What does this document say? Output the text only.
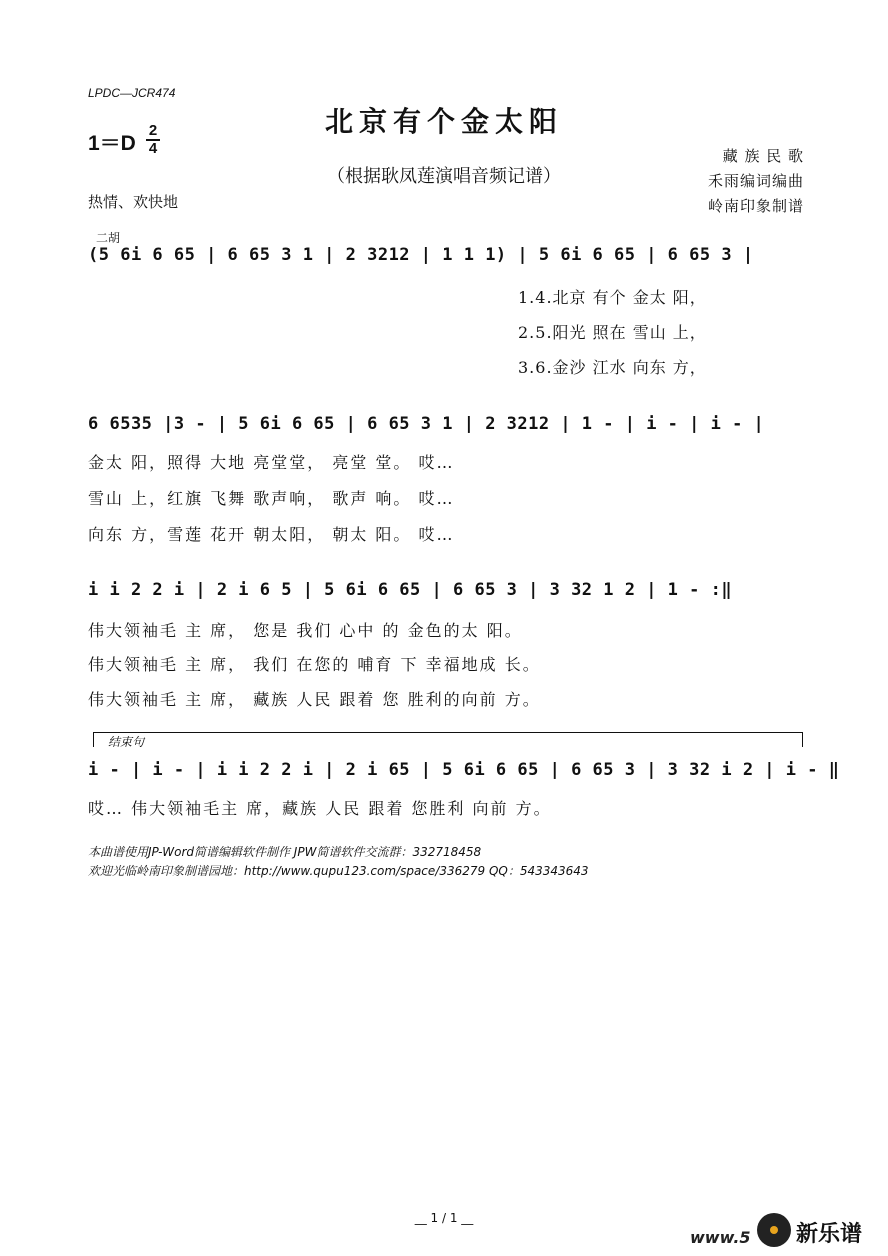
LPDC—JCR474
北京有个金太阳
1＝D
2
4
（根据耿凤莲演唱音频记谱）
藏 族 民 歌
禾雨编词编曲
岭南印象制谱
热情、欢快地
二胡
(5 6i 6 65 | 6 65 3 1 | 2 3212 | 1 1 1) | 5 6i 6 65 | 6 65 3 |
1.4.北京 有个 金太 阳，
2.5.阳光 照在 雪山 上，
3.6.金沙 江水 向东 方，
6 6535 |3 - | 5 6i 6 65 | 6 65 3 1 | 2 3212 | 1 - | i - | i - |
金太 阳，照得 大地 亮堂堂， 亮堂 堂。 哎…
雪山 上，红旗 飞舞 歌声响， 歌声 响。 哎…
向东 方，雪莲 花开 朝太阳， 朝太 阳。 哎…
i i 2 2 i | 2 i 6 5 | 5 6i 6 65 | 6 65 3 | 3 32 1 2 | 1 - :‖
伟大领袖毛 主 席， 您是 我们 心中 的 金色的太 阳。
伟大领袖毛 主 席， 我们 在您的 哺育 下 幸福地成 长。
伟大领袖毛 主 席， 藏族 人民 跟着 您 胜利的向前 方。
结束句
i - | i - | i i 2 2 i | 2 i 65 | 5 6i 6 65 | 6 65 3 | 3 32 i 2 | i - ‖
哎… 伟大领袖毛主 席，藏族 人民 跟着 您胜利 向前 方。
本曲谱使用JP-Word简谱编辑软件制作 JPW简谱软件交流群：332718458
欢迎光临岭南印象制谱园地：http://www.qupu123.com/space/336279 QQ：543343643
__ 1 / 1 __
www.5 新乐谱
